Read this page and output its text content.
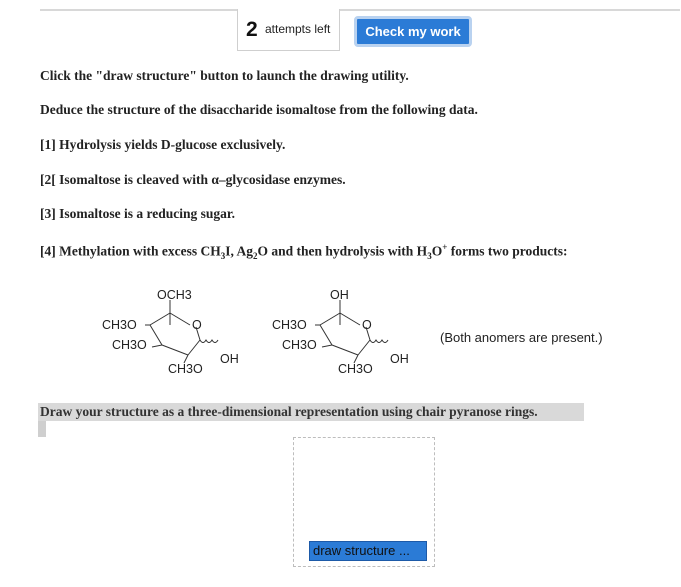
2 attempts left	Check my work
Click the "draw structure" button to launch the drawing utility.
Deduce the structure of the disaccharide isomaltose from the following data.
[1] Hydrolysis yields D-glucose exclusively.
[2[ Isomaltose is cleaved with α–glycosidase enzymes.
[3] Isomaltose is a reducing sugar.
[4] Methylation with excess $CH_3I$, $Ag_2O$ and then hydrolysis with $H_3O^+$ forms two products:
OCH3
CH3O
CH3O
O
CH3O
OH
OH
CH3O
CH3O
O
CH3O
OH
(Both anomers are present.)
Draw your structure as a three-dimensional representation using chair pyranose rings.
draw structure ...
